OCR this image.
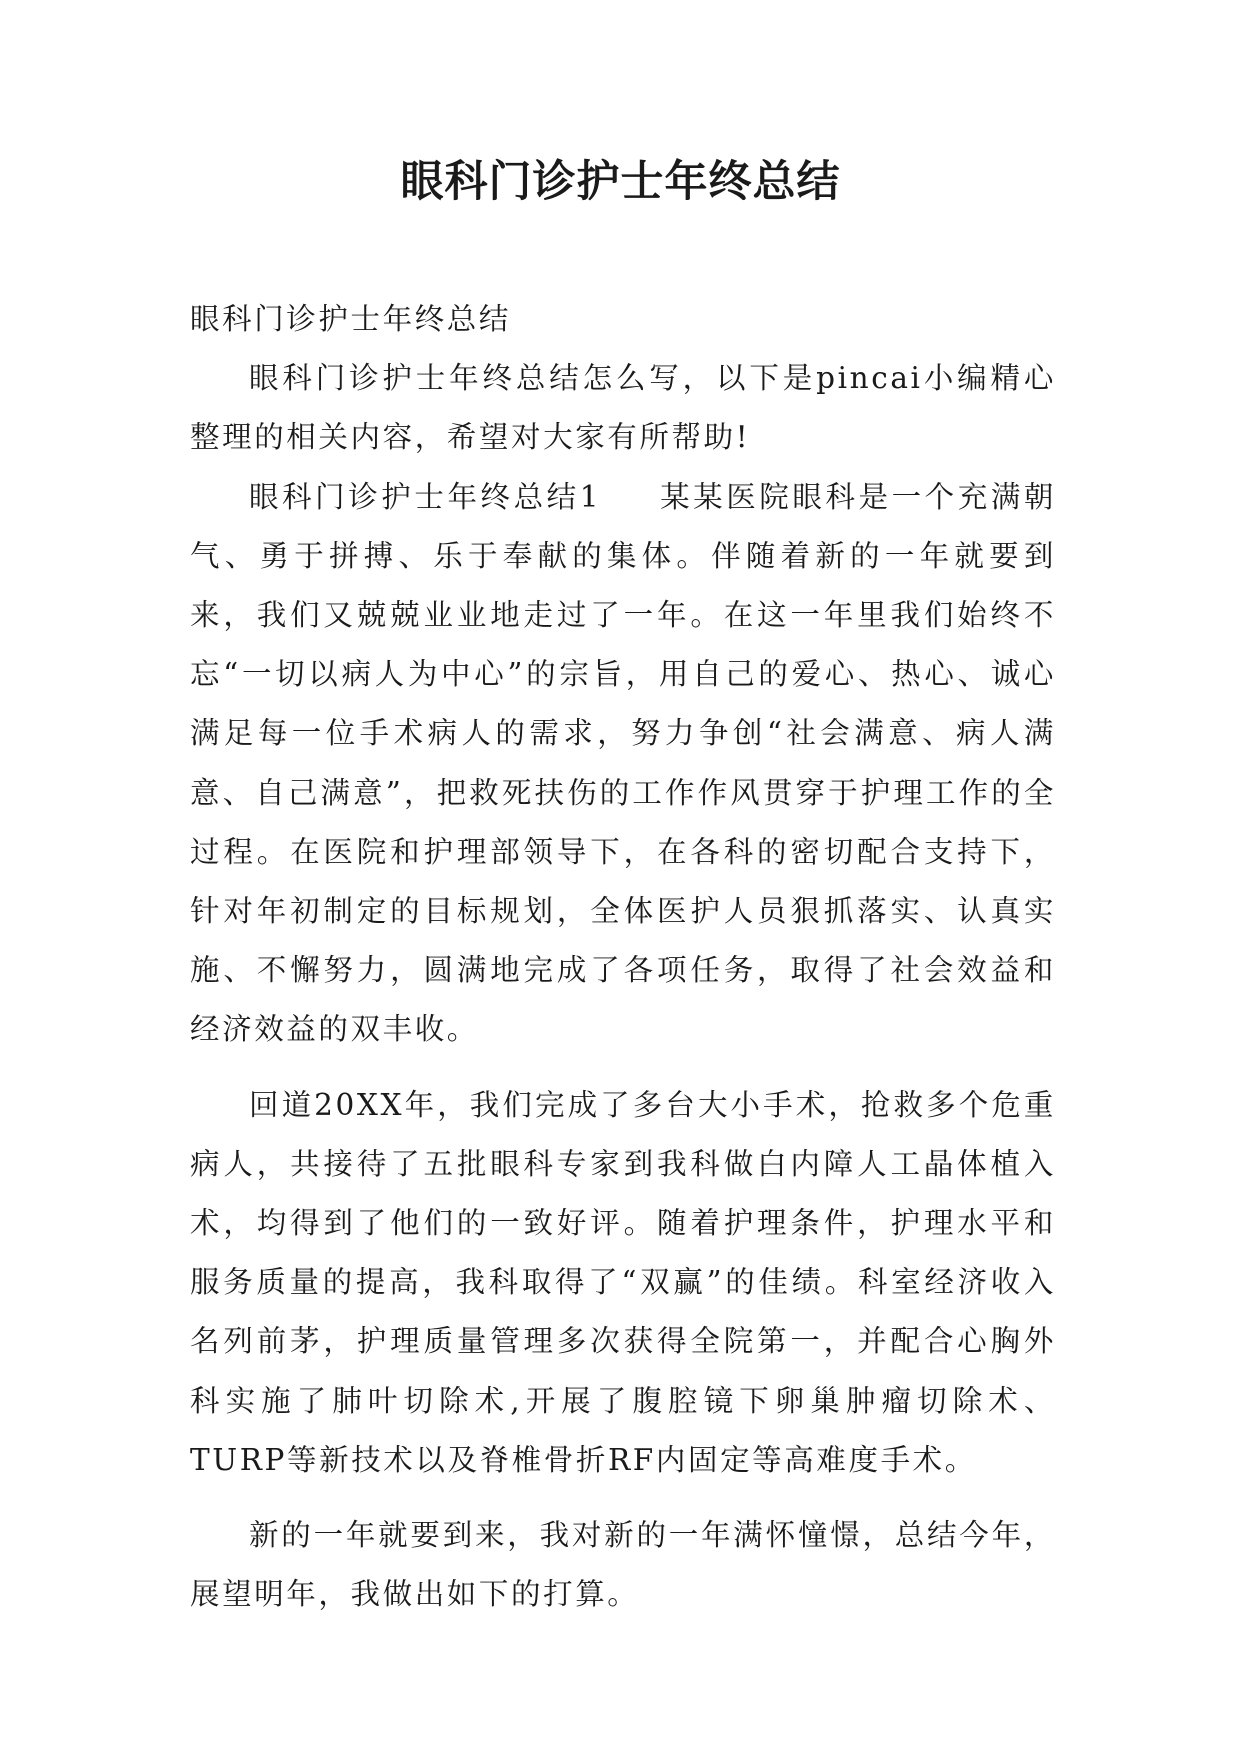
眼科门诊护士年终总结

眼科门诊护士年终总结

眼科门诊护士年终总结怎么写，以下是pincai小编精心整理的相关内容，希望对大家有所帮助!

眼科门诊护士年终总结1 某某医院眼科是一个充满朝气、勇于拼搏、乐于奉献的集体。伴随着新的一年就要到来，我们又兢兢业业地走过了一年。在这一年里我们始终不忘“一切以病人为中心”的宗旨，用自己的爱心、热心、诚心满足每一位手术病人的需求，努力争创“社会满意、病人满意、自己满意”，把救死扶伤的工作作风贯穿于护理工作的全过程。在医院和护理部领导下，在各科的密切配合支持下，针对年初制定的目标规划，全体医护人员狠抓落实、认真实施、不懈努力，圆满地完成了各项任务，取得了社会效益和经济效益的双丰收。

回道20XX年，我们完成了多台大小手术，抢救多个危重病人，共接待了五批眼科专家到我科做白内障人工晶体植入术，均得到了他们的一致好评。随着护理条件，护理水平和服务质量的提高，我科取得了“双赢”的佳绩。科室经济收入名列前茅，护理质量管理多次获得全院第一，并配合心胸外科实施了肺叶切除术,开展了腹腔镜下卵巢肿瘤切除术、TURP等新技术以及脊椎骨折RF内固定等高难度手术。

新的一年就要到来，我对新的一年满怀憧憬，总结今年，展望明年，我做出如下的打算。
